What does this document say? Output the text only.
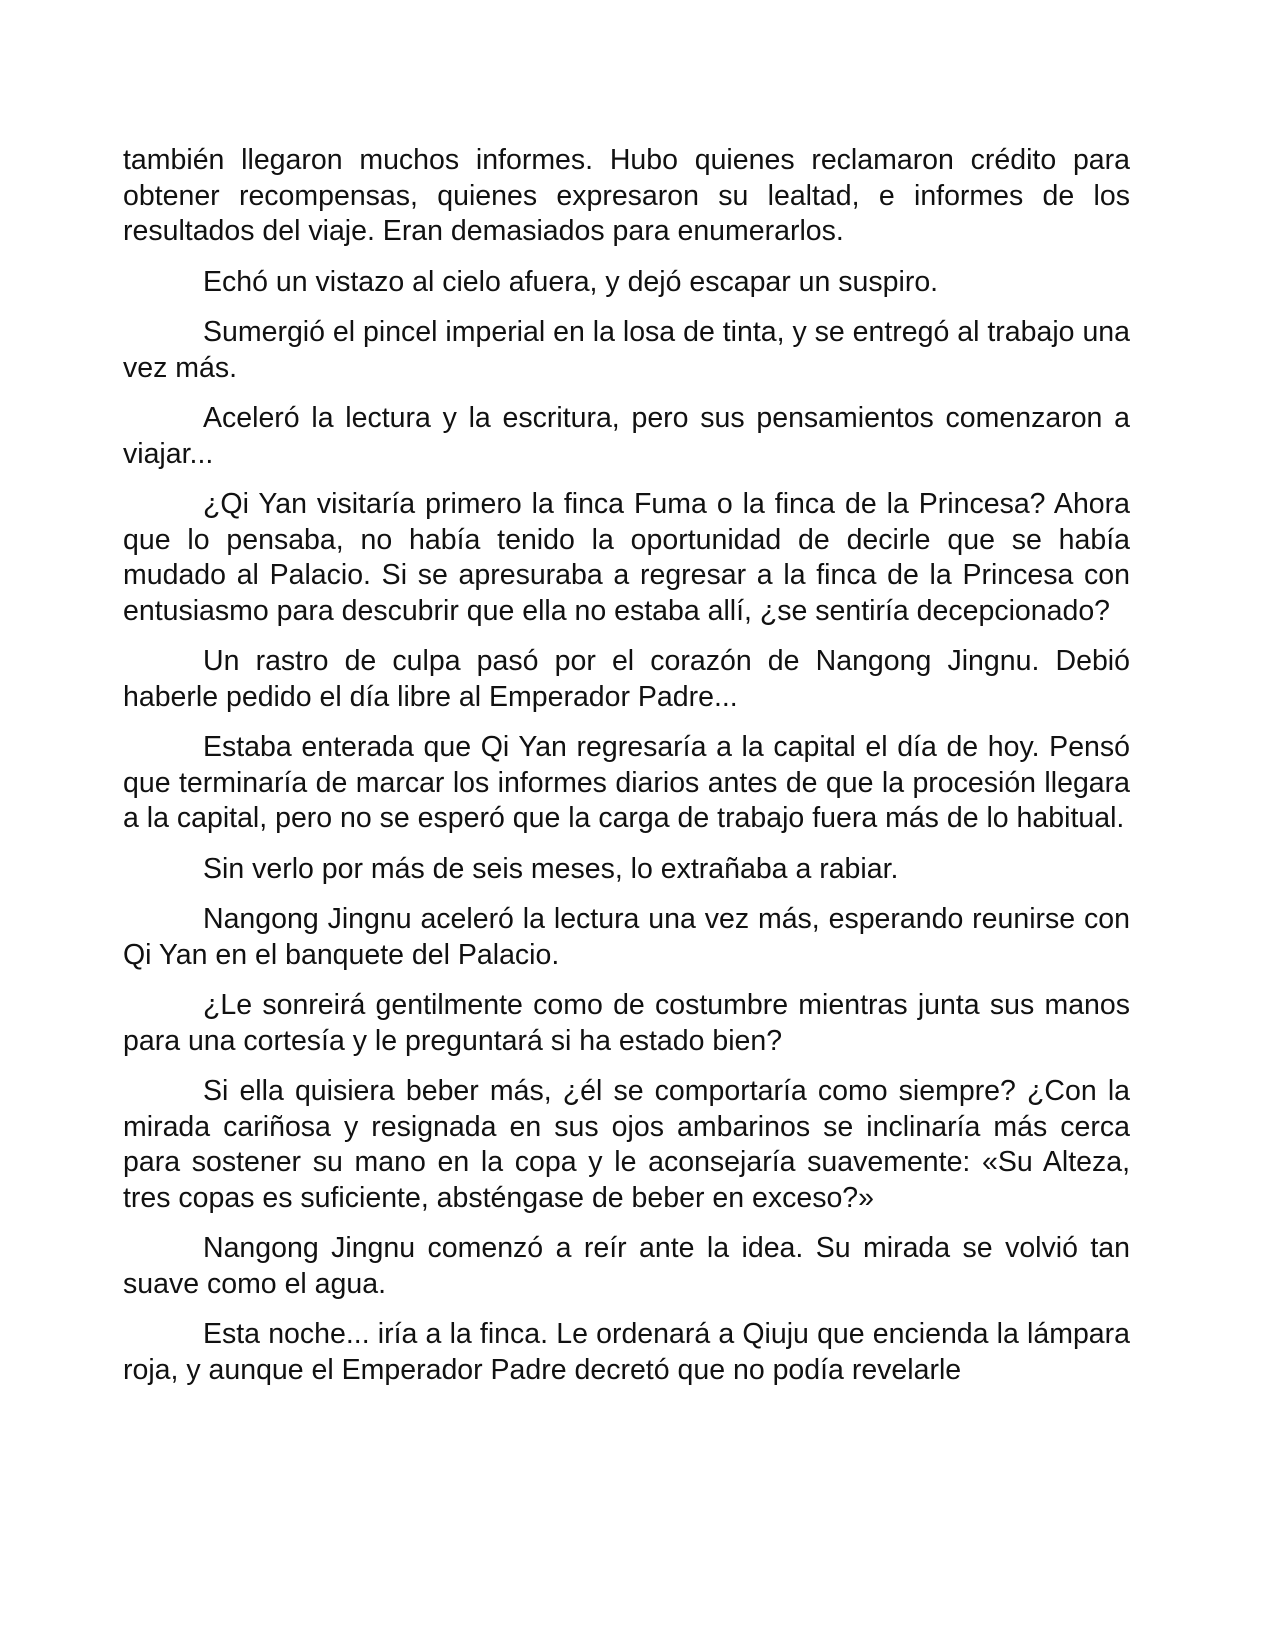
también llegaron muchos informes. Hubo quienes reclamaron crédito para obtener recompensas, quienes expresaron su lealtad, e informes de los resultados del viaje. Eran demasiados para enumerarlos.

Echó un vistazo al cielo afuera, y dejó escapar un suspiro.

Sumergió el pincel imperial en la losa de tinta, y se entregó al trabajo una vez más.

Aceleró la lectura y la escritura, pero sus pensamientos comenzaron a viajar...

¿Qi Yan visitaría primero la finca Fuma o la finca de la Princesa? Ahora que lo pensaba, no había tenido la oportunidad de decirle que se había mudado al Palacio. Si se apresuraba a regresar a la finca de la Princesa con entusiasmo para descubrir que ella no estaba allí, ¿se sentiría decepcionado?

Un rastro de culpa pasó por el corazón de Nangong Jingnu. Debió haberle pedido el día libre al Emperador Padre...

Estaba enterada que Qi Yan regresaría a la capital el día de hoy. Pensó que terminaría de marcar los informes diarios antes de que la procesión llegara a la capital, pero no se esperó que la carga de trabajo fuera más de lo habitual.

Sin verlo por más de seis meses, lo extrañaba a rabiar.

Nangong Jingnu aceleró la lectura una vez más, esperando reunirse con Qi Yan en el banquete del Palacio.

¿Le sonreirá gentilmente como de costumbre mientras junta sus manos para una cortesía y le preguntará si ha estado bien?

Si ella quisiera beber más, ¿él se comportaría como siempre? ¿Con la mirada cariñosa y resignada en sus ojos ambarinos se inclinaría más cerca para sostener su mano en la copa y le aconsejaría suavemente: «Su Alteza, tres copas es suficiente, absténgase de beber en exceso?»

Nangong Jingnu comenzó a reír ante la idea. Su mirada se volvió tan suave como el agua.

Esta noche... iría a la finca. Le ordenará a Qiuju que encienda la lámpara roja, y aunque el Emperador Padre decretó que no podía revelarle
